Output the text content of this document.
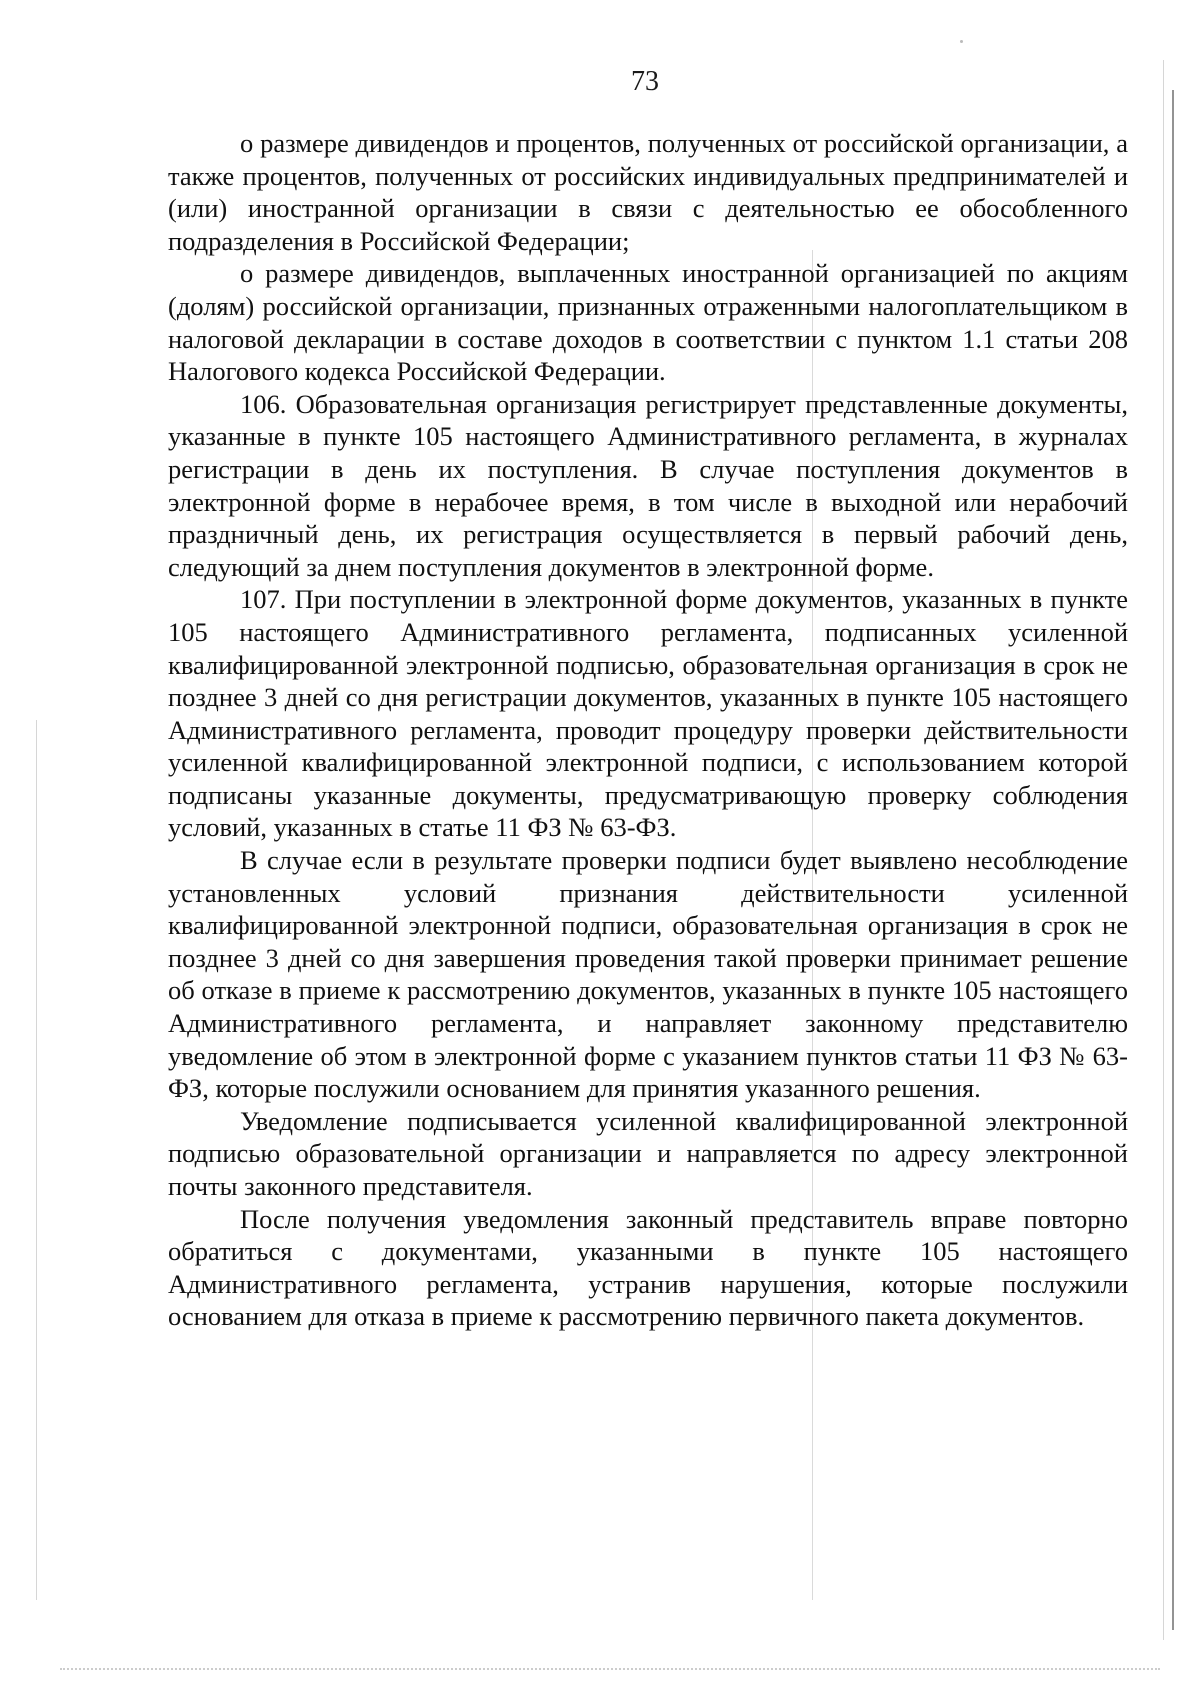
73

о размере дивидендов и процентов, полученных от российской организации, а также процентов, полученных от российских индивидуальных предпринимателей и (или) иностранной организации в связи с деятельностью ее обособленного подразделения в Российской Федерации;

о размере дивидендов, выплаченных иностранной организацией по акциям (долям) российской организации, признанных отраженными налогоплательщиком в налоговой декларации в составе доходов в соответствии с пунктом 1.1 статьи 208 Налогового кодекса Российской Федерации.

106. Образовательная организация регистрирует представленные документы, указанные в пункте 105 настоящего Административного регламента, в журналах регистрации в день их поступления. В случае поступления документов в электронной форме в нерабочее время, в том числе в выходной или нерабочий праздничный день, их регистрация осуществляется в первый рабочий день, следующий за днем поступления документов в электронной форме.

107. При поступлении в электронной форме документов, указанных в пункте 105 настоящего Административного регламента, подписанных усиленной квалифицированной электронной подписью, образовательная организация в срок не позднее 3 дней со дня регистрации документов, указанных в пункте 105 настоящего Административного регламента, проводит процедуру проверки действительности усиленной квалифицированной электронной подписи, с использованием которой подписаны указанные документы, предусматривающую проверку соблюдения условий, указанных в статье 11 ФЗ № 63-ФЗ.

В случае если в результате проверки подписи будет выявлено несоблюдение установленных условий признания действительности усиленной квалифицированной электронной подписи, образовательная организация в срок не позднее 3 дней со дня завершения проведения такой проверки принимает решение об отказе в приеме к рассмотрению документов, указанных в пункте 105 настоящего Административного регламента, и направляет законному представителю уведомление об этом в электронной форме с указанием пунктов статьи 11 ФЗ № 63-ФЗ, которые послужили основанием для принятия указанного решения.

Уведомление подписывается усиленной квалифицированной электронной подписью образовательной организации и направляется по адресу электронной почты законного представителя.

После получения уведомления законный представитель вправе повторно обратиться с документами, указанными в пункте 105 настоящего Административного регламента, устранив нарушения, которые послужили основанием для отказа в приеме к рассмотрению первичного пакета документов.
